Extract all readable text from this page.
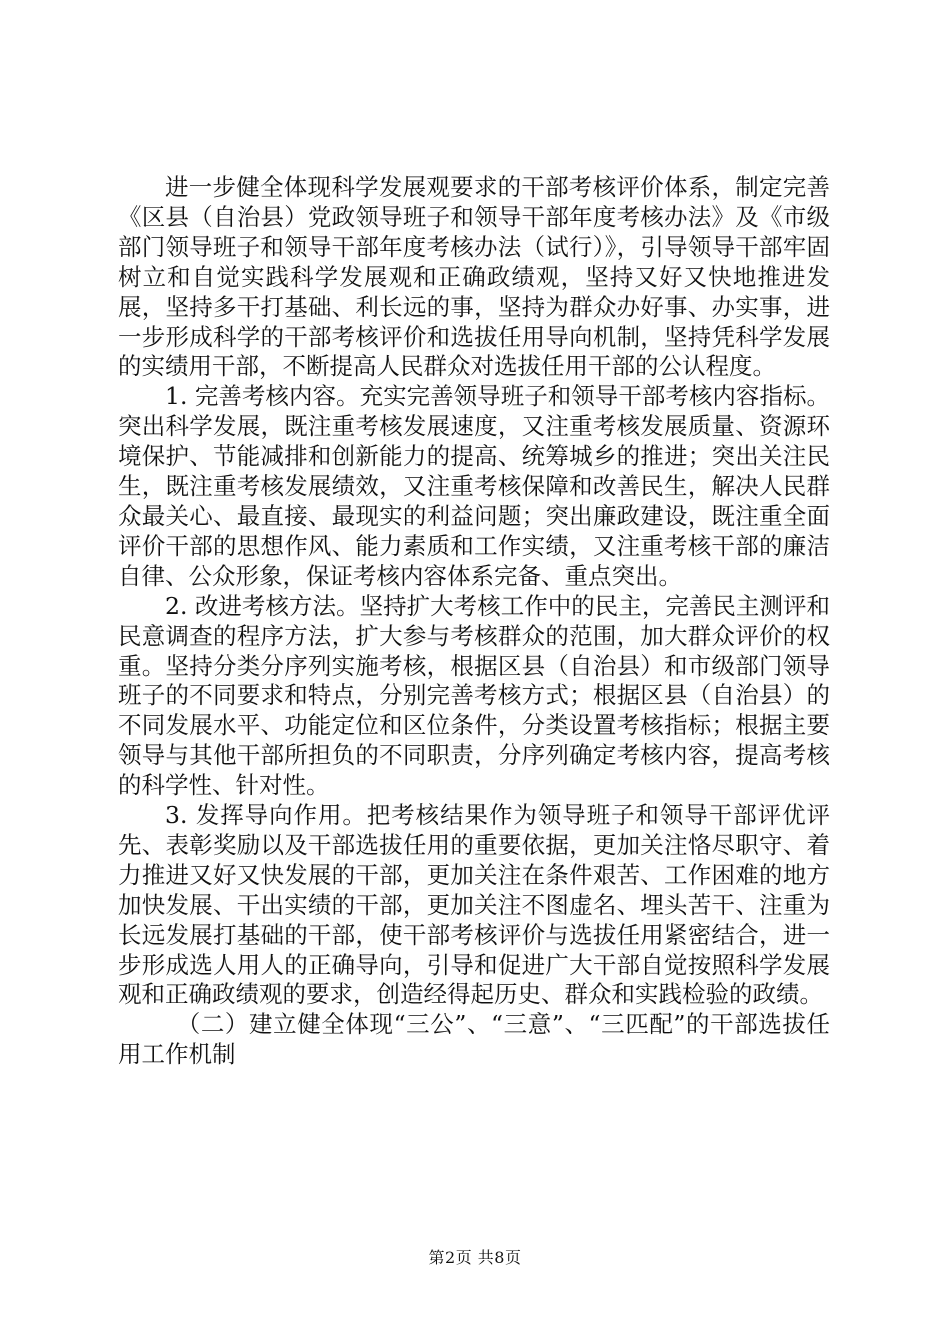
进一步健全体现科学发展观要求的干部考核评价体系，制定完善《区县（自治县）党政领导班子和领导干部年度考核办法》及《市级部门领导班子和领导干部年度考核办法（试行）》，引导领导干部牢固树立和自觉实践科学发展观和正确政绩观，坚持又好又快地推进发展，坚持多干打基础、利长远的事，坚持为群众办好事、办实事，进一步形成科学的干部考核评价和选拔任用导向机制，坚持凭科学发展的实绩用干部，不断提高人民群众对选拔任用干部的公认程度。

1. 完善考核内容。充实完善领导班子和领导干部考核内容指标。突出科学发展，既注重考核发展速度，又注重考核发展质量、资源环境保护、节能减排和创新能力的提高、统筹城乡的推进；突出关注民生，既注重考核发展绩效，又注重考核保障和改善民生，解决人民群众最关心、最直接、最现实的利益问题；突出廉政建设，既注重全面评价干部的思想作风、能力素质和工作实绩，又注重考核干部的廉洁自律、公众形象，保证考核内容体系完备、重点突出。

2. 改进考核方法。坚持扩大考核工作中的民主，完善民主测评和民意调查的程序方法，扩大参与考核群众的范围，加大群众评价的权重。坚持分类分序列实施考核，根据区县（自治县）和市级部门领导班子的不同要求和特点，分别完善考核方式；根据区县（自治县）的不同发展水平、功能定位和区位条件，分类设置考核指标；根据主要领导与其他干部所担负的不同职责，分序列确定考核内容，提高考核的科学性、针对性。

3. 发挥导向作用。把考核结果作为领导班子和领导干部评优评先、表彰奖励以及干部选拔任用的重要依据，更加关注恪尽职守、着力推进又好又快发展的干部，更加关注在条件艰苦、工作困难的地方加快发展、干出实绩的干部，更加关注不图虚名、埋头苦干、注重为长远发展打基础的干部，使干部考核评价与选拔任用紧密结合，进一步形成选人用人的正确导向，引导和促进广大干部自觉按照科学发展观和正确政绩观的要求，创造经得起历史、群众和实践检验的政绩。

（二）建立健全体现“三公”、“三意”、“三匹配”的干部选拔任用工作机制

第2页 共8页
